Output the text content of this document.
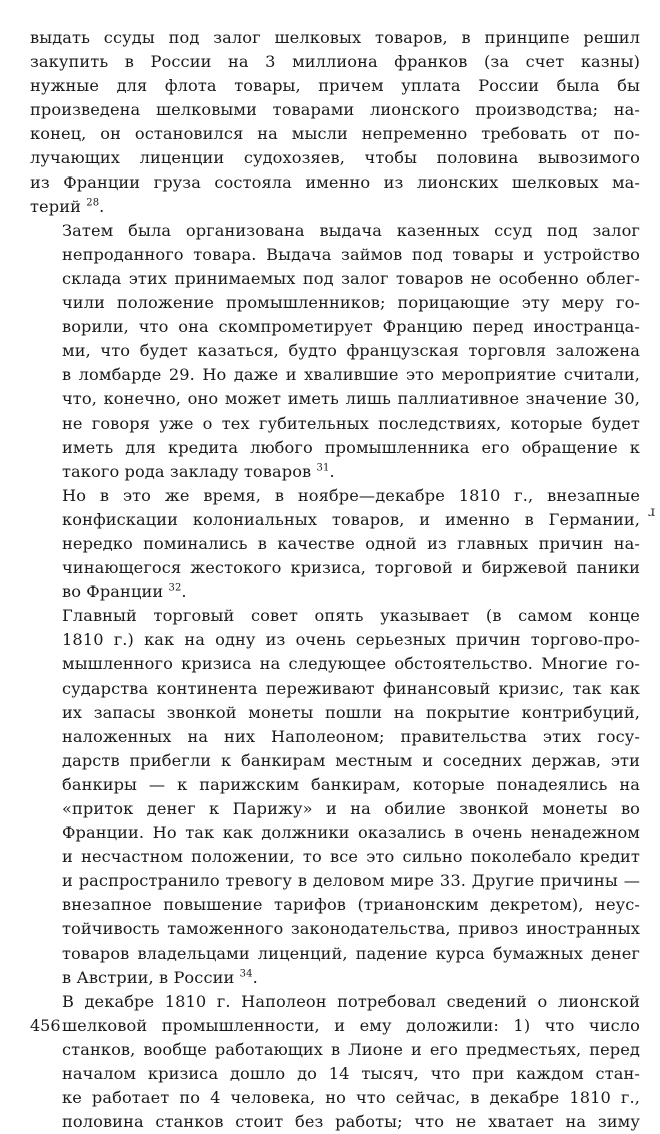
выдать ссуды под залог шелковых товаров, в принципе решил
закупить в России на 3 миллиона франков (за счет казны)
нужные для флота товары, причем уплата России была бы
произведена шелковыми товарами лионского производства; на-
конец, он остановился на мысли непременно требовать от по-
лучающих лиценции судохозяев, чтобы половина вывозимого
из Франции груза состояла именно из лионских шелковых ма-
терий $^{28}$.

Затем была организована выдача казенных ссуд под залог
непроданного товара. Выдача займов под товары и устройство
склада этих принимаемых под залог товаров не особенно облег-
чили положение промышленников; порицающие эту меру го-
ворили, что она скомпрометирует Францию перед иностранца-
ми, что будет казаться, будто французская торговля заложена
в ломбарде 29. Но даже и хвалившие это мероприятие считали,
что, конечно, оно может иметь лишь паллиативное значение 30,
не говоря уже о тех губительных последствиях, которые будет
иметь для кредита любого промышленника его обращение к
такого рода закладу товаров $^{31}$.

Но в это же время, в ноябре—декабре 1810 г., внезапные
конфискации колониальных товаров, и именно в Германии,
нередко поминались в качестве одной из главных причин на-
чинающегося жестокого кризиса, торговой и биржевой паники
во Франции $^{32}$.

Главный торговый совет опять указывает (в самом конце
1810 г.) как на одну из очень серьезных причин торгово-про-
мышленного кризиса на следующее обстоятельство. Многие го-
сударства континента переживают финансовый кризис, так как
их запасы звонкой монеты пошли на покрытие контрибуций,
наложенных на них Наполеоном; правительства этих госу-
дарств прибегли к банкирам местным и соседних держав, эти
банкиры — к парижским банкирам, которые понадеялись на
«приток денег к Парижу» и на обилие звонкой монеты во
Франции. Но так как должники оказались в очень ненадежном
и несчастном положении, то все это сильно поколебало кредит
и распространило тревогу в деловом мире 33. Другие причины —
внезапное повышение тарифов (трианонским декретом), неус-
тойчивость таможенного законодательства, привоз иностранных
товаров владельцами лиценций, падение курса бумажных денег
в Австрии, в России $^{34}$.

В декабре 1810 г. Наполеон потребовал сведений о лионской
шелковой промышленности, и ему доложили: 1) что число
станков, вообще работающих в Лионе и его предместьях, перед
началом кризиса дошло до 14 тысяч, что при каждом стан-
ке работает по 4 человека, но что сейчас, в декабре 1810 г.,
половина станков стоит без работы; что не хватает на зиму

ɹ
456
